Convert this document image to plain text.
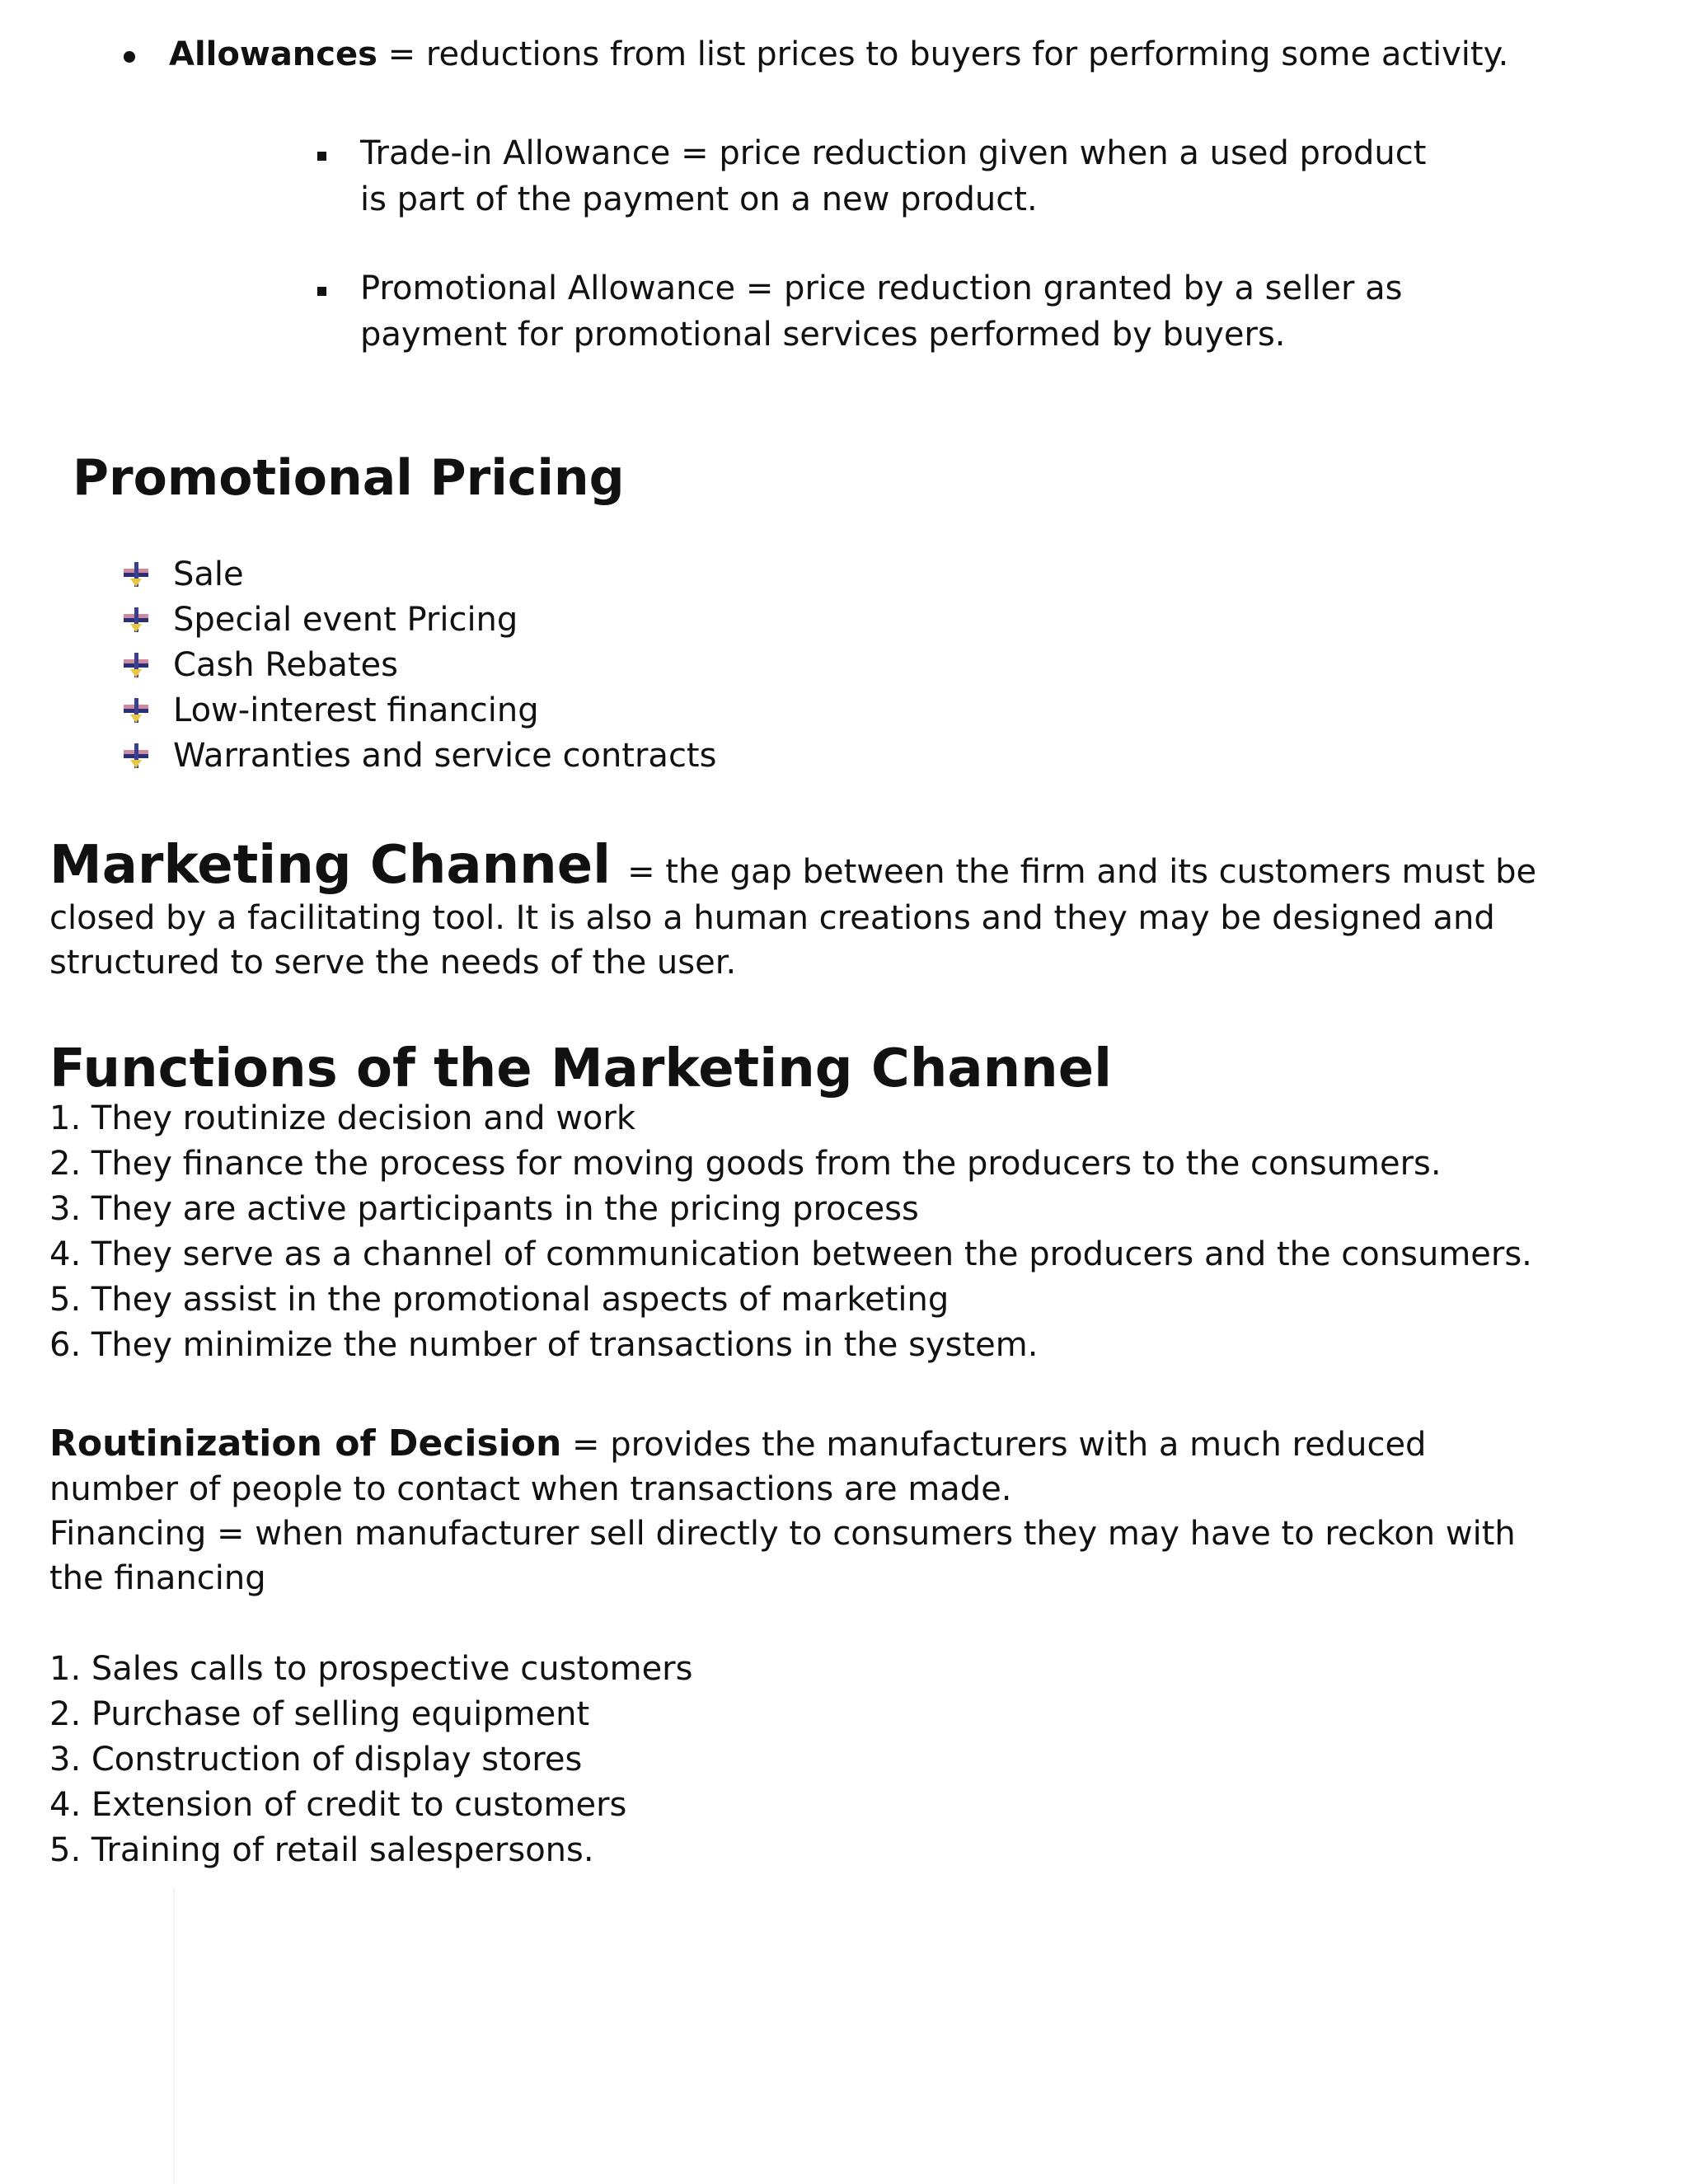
Allowances = reductions from list prices to buyers for performing some activity.
Trade-in Allowance = price reduction given when a used product is part of the payment on a new product.
Promotional Allowance = price reduction granted by a seller as payment for promotional services performed by buyers.
Promotional Pricing
Sale
Special event Pricing
Cash Rebates
Low-interest financing
Warranties and service contracts
Marketing Channel = the gap between the firm and its customers must be
closed by a facilitating tool. It is also a human creations and they may be designed and structured to serve the needs of the user.
Functions of the Marketing Channel
1. They routinize decision and work
2. They finance the process for moving goods from the producers to the consumers.
3. They are active participants in the pricing process
4. They serve as a channel of communication between the producers and the consumers.
5. They assist in the promotional aspects of marketing
6. They minimize the number of transactions in the system.
Routinization of Decision = provides the manufacturers with a much reduced number of people to contact when transactions are made.
Financing = when manufacturer sell directly to consumers they may have to reckon with the financing
1. Sales calls to prospective customers
2. Purchase of selling equipment
3. Construction of display stores
4. Extension of credit to customers
5. Training of retail salespersons.
